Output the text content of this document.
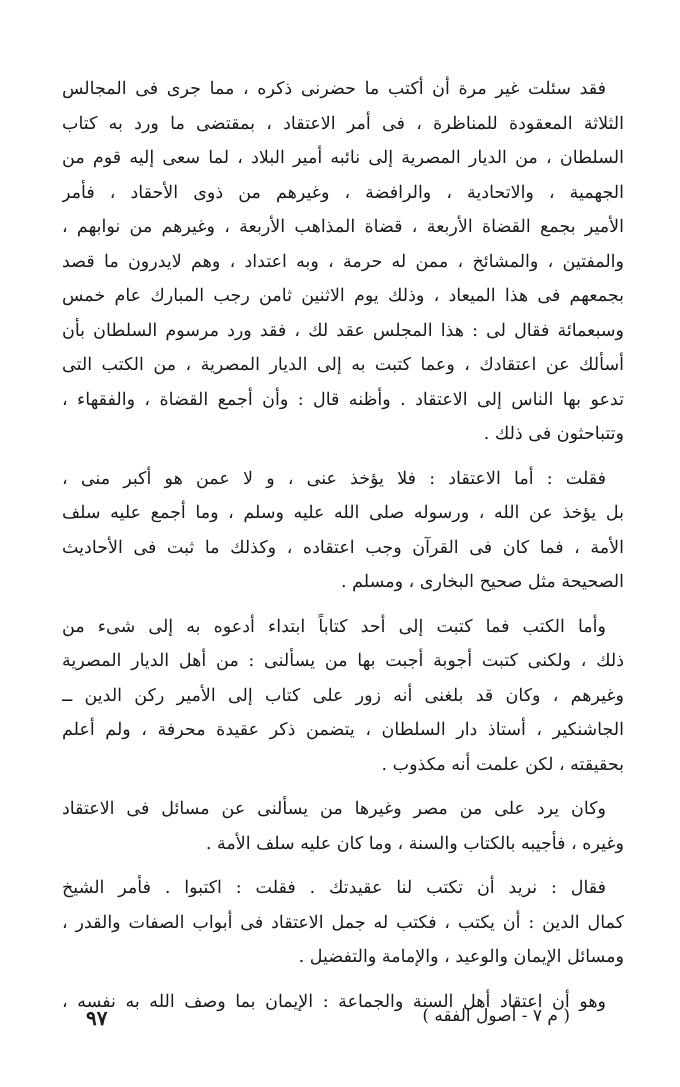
فقد سئلت غير مرة أن أكتب ما حضرنى ذكره ، مما جرى فى المجالس
الثلاثة المعقودة للمناظرة ، فى أمر الاعتقاد ، بمقتضى ما ورد به كتاب
السلطان ، من الديار المصرية إلى نائبه أمير البلاد ، لما سعى إليه قوم من
الجهمية ، والاتحادية ، والرافضة ، وغيرهم من ذوى الأحقاد ، فأمر
الأمير بجمع القضاة الأربعة ، قضاة المذاهب الأربعة ، وغيرهم من نوابهم ،
والمفتين ، والمشائخ ، ممن له حرمة ، وبه اعتداد ، وهم لايدرون ما قصد
بجمعهم فى هذا الميعاد ، وذلك يوم الاثنين ثامن رجب المبارك عام خمس
وسبعمائة فقال لى : هذا المجلس عقد لك ، فقد ورد مرسوم السلطان بأن
أسألك عن اعتقادك ، وعما كتبت به إلى الديار المصرية ، من الكتب التى
تدعو بها الناس إلى الاعتقاد . وأظنه قال : وأن أجمع القضاة ، والفقهاء ،
وتتباحثون فى ذلك .
فقلت : أما الاعتقاد : فلا يؤخذ عنى ، و لا عمن هو أكبر منى ،
بل يؤخذ عن الله ، ورسوله صلى الله عليه وسلم ، وما أجمع عليه سلف
الأمة ، فما كان فى القرآن وجب اعتقاده ، وكذلك ما ثبت فى الأحاديث
الصحيحة مثل صحيح البخارى ، ومسلم .
وأما الكتب فما كتبت إلى أحد كتاباً ابتداء أدعوه به إلى شىء من
ذلك ، ولكنى كتبت أجوبة أجبت بها من يسألنى : من أهل الديار المصرية
وغيرهم ، وكان قد بلغنى أنه زور على كتاب إلى الأمير ركن الدين ــ
الجاشنكير ، أستاذ دار السلطان ، يتضمن ذكر عقيدة محرفة ، ولم أعلم
بحقيقته ، لكن علمت أنه مكذوب .
وكان يرد على من مصر وغيرها من يسألنى عن مسائل فى الاعتقاد
وغيره ، فأجيبه بالكتاب والسنة ، وما كان عليه سلف الأمة .
فقال : نريد أن تكتب لنا عقيدتك . فقلت : اكتبوا . فأمر الشيخ
كمال الدين : أن يكتب ، فكتب له جمل الاعتقاد فى أبواب الصفات والقدر ،
ومسائل الإيمان والوعيد ، والإمامة والتفضيل .
وهو أن اعتقاد أهل السنة والجماعة : الإيمان بما وصف الله به نفسه ،
( م ٧ - أصول الفقه )
٩٧
